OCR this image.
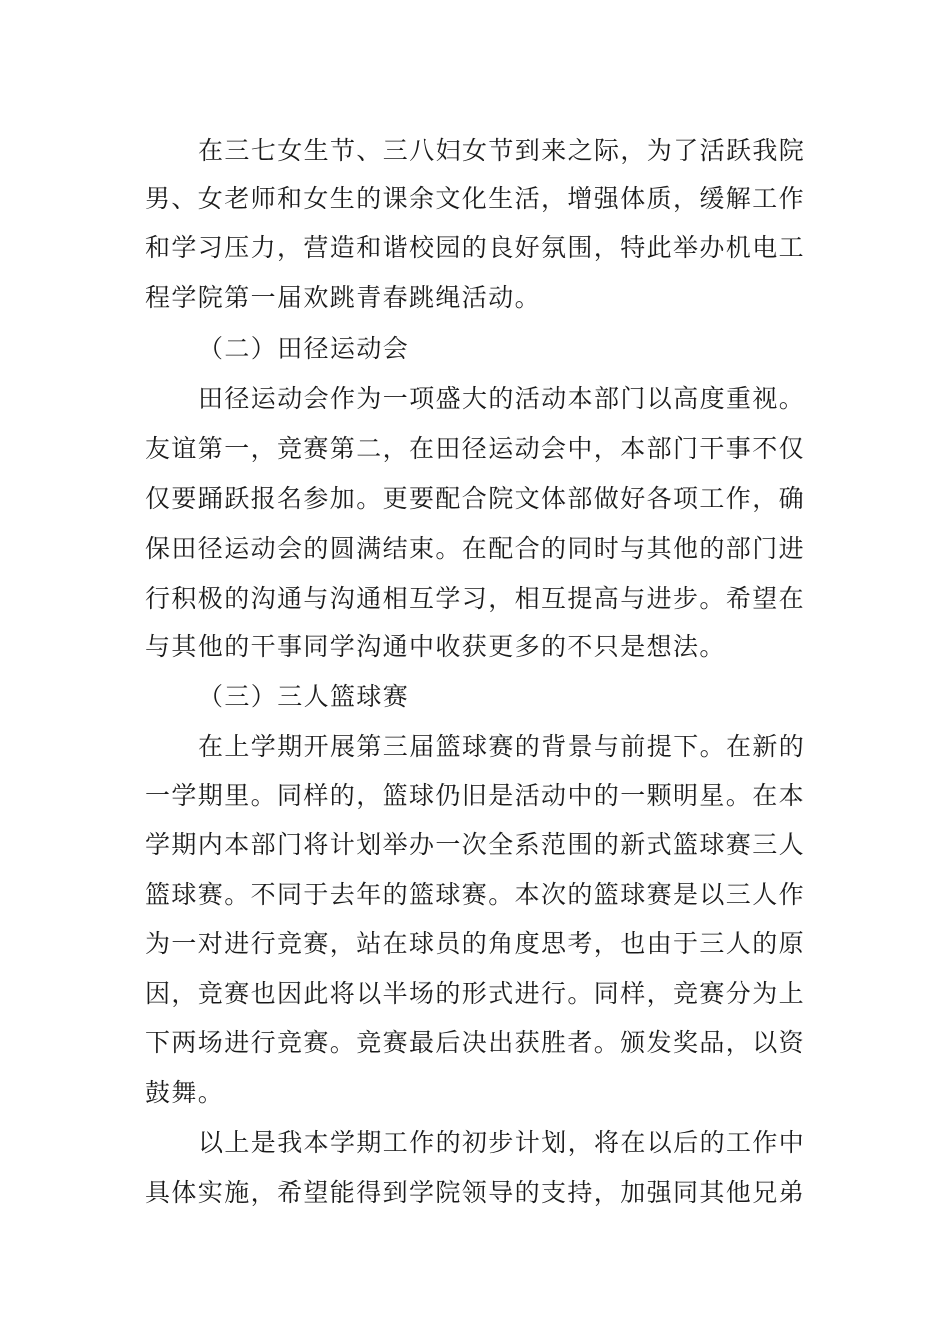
在三七女生节、三八妇女节到来之际，为了活跃我院
男、女老师和女生的课余文化生活，增强体质，缓解工作
和学习压力，营造和谐校园的良好氛围，特此举办机电工
程学院第一届欢跳青春跳绳活动。
（二）田径运动会
田径运动会作为一项盛大的活动本部门以高度重视。
友谊第一，竞赛第二，在田径运动会中，本部门干事不仅
仅要踊跃报名参加。更要配合院文体部做好各项工作，确
保田径运动会的圆满结束。在配合的同时与其他的部门进
行积极的沟通与沟通相互学习，相互提高与进步。希望在
与其他的干事同学沟通中收获更多的不只是想法。
（三）三人篮球赛
在上学期开展第三届篮球赛的背景与前提下。在新的
一学期里。同样的，篮球仍旧是活动中的一颗明星。在本
学期内本部门将计划举办一次全系范围的新式篮球赛三人
篮球赛。不同于去年的篮球赛。本次的篮球赛是以三人作
为一对进行竞赛，站在球员的角度思考，也由于三人的原
因，竞赛也因此将以半场的形式进行。同样，竞赛分为上
下两场进行竞赛。竞赛最后决出获胜者。颁发奖品，以资
鼓舞。
以上是我本学期工作的初步计划，将在以后的工作中
具体实施，希望能得到学院领导的支持，加强同其他兄弟
